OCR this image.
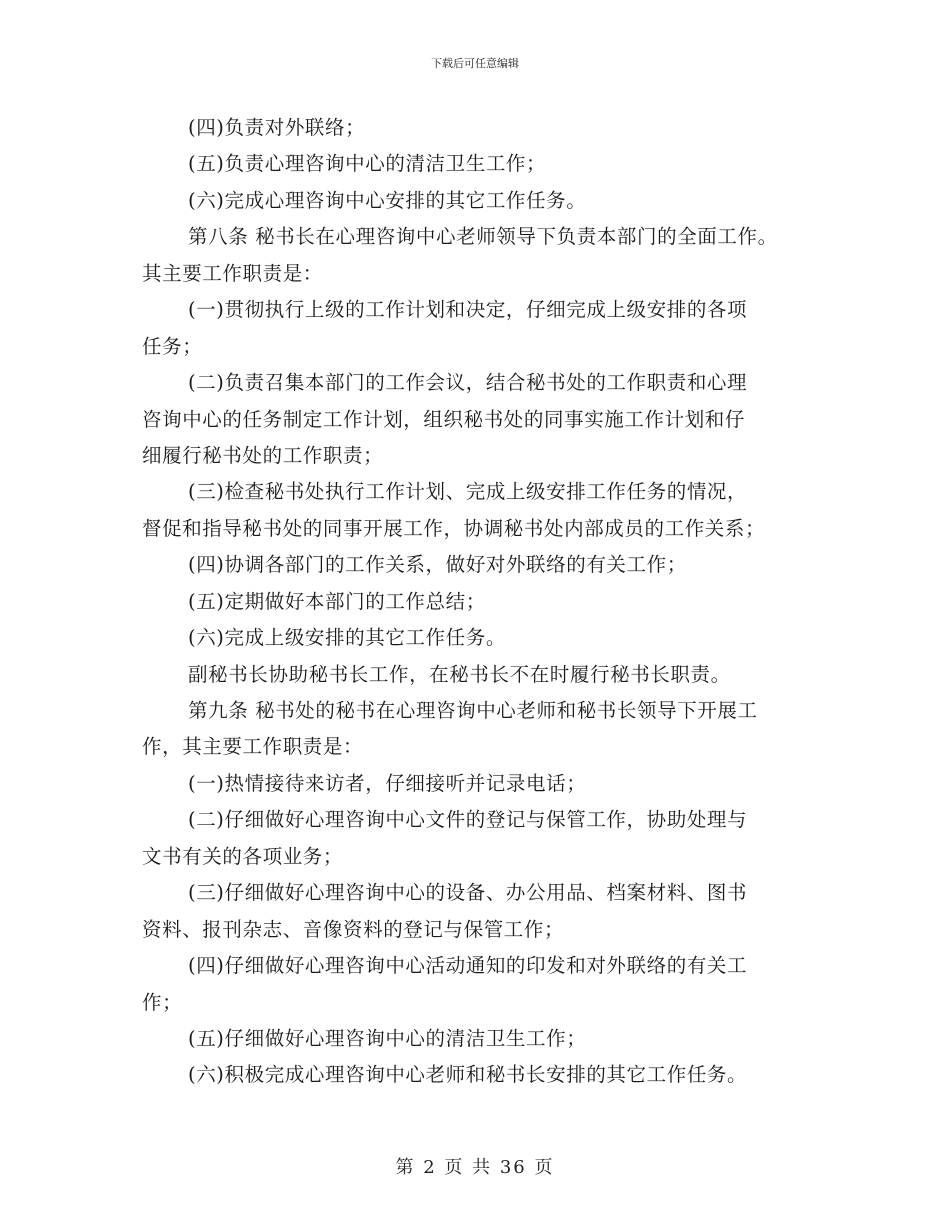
下载后可任意编辑
(四)负责对外联络；
(五)负责心理咨询中心的清洁卫生工作；
(六)完成心理咨询中心安排的其它工作任务。
第八条 秘书长在心理咨询中心老师领导下负责本部门的全面工作。
其主要工作职责是：
(一)贯彻执行上级的工作计划和决定，仔细完成上级安排的各项
任务；
(二)负责召集本部门的工作会议，结合秘书处的工作职责和心理
咨询中心的任务制定工作计划，组织秘书处的同事实施工作计划和仔
细履行秘书处的工作职责；
(三)检查秘书处执行工作计划、完成上级安排工作任务的情况，
督促和指导秘书处的同事开展工作，协调秘书处内部成员的工作关系；
(四)协调各部门的工作关系，做好对外联络的有关工作；
(五)定期做好本部门的工作总结；
(六)完成上级安排的其它工作任务。
副秘书长协助秘书长工作，在秘书长不在时履行秘书长职责。
第九条 秘书处的秘书在心理咨询中心老师和秘书长领导下开展工
作，其主要工作职责是：
(一)热情接待来访者，仔细接听并记录电话；
(二)仔细做好心理咨询中心文件的登记与保管工作，协助处理与
文书有关的各项业务；
(三)仔细做好心理咨询中心的设备、办公用品、档案材料、图书
资料、报刊杂志、音像资料的登记与保管工作；
(四)仔细做好心理咨询中心活动通知的印发和对外联络的有关工
作；
(五)仔细做好心理咨询中心的清洁卫生工作；
(六)积极完成心理咨询中心老师和秘书长安排的其它工作任务。
第 2 页 共 36 页
